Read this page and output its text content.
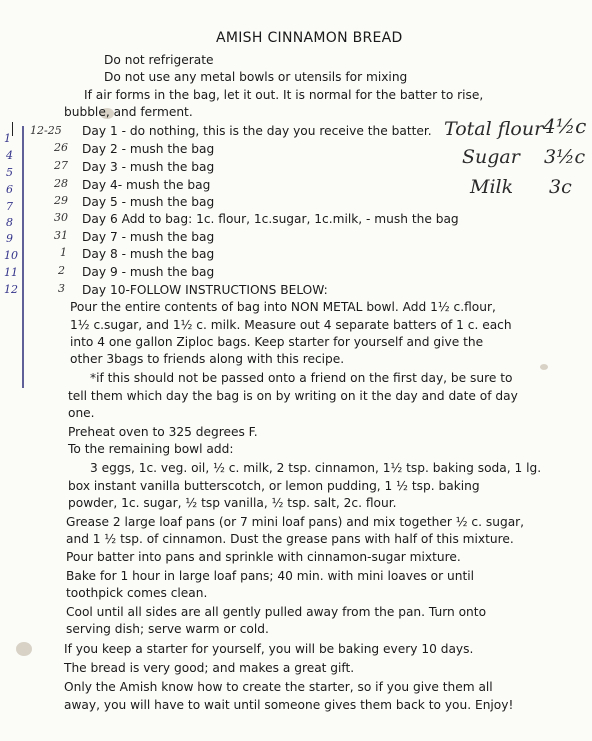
AMISH CINNAMON BREAD
Do not refrigerate
Do not use any metal bowls or utensils for mixing
If air forms in the bag, let it out. It is normal for the batter to rise,
bubble, and ferment.
Day 1 - do nothing, this is the day you receive the batter.
Day 2 - mush the bag
Day 3 - mush the bag
Day 4- mush the bag
Day 5 - mush the bag
Day 6 Add to bag: 1c. flour, 1c.sugar, 1c.milk, - mush the bag
Day 7 - mush the bag
Day 8 - mush the bag
Day 9 - mush the bag
Day 10-FOLLOW INSTRUCTIONS BELOW:
Pour the entire contents of bag into NON METAL bowl. Add 1½ c.flour,
1½ c.sugar, and 1½ c. milk. Measure out 4 separate batters of 1 c. each
into 4 one gallon Ziploc bags. Keep starter for yourself and give the
other 3bags to friends along with this recipe.
*if this should not be passed onto a friend on the first day, be sure to
tell them which day the bag is on by writing on it the day and date of day
one.
Preheat oven to 325 degrees F.
To the remaining bowl add:
3 eggs, 1c. veg. oil, ½ c. milk, 2 tsp. cinnamon, 1½ tsp. baking soda, 1 lg.
box instant vanilla butterscotch, or lemon pudding, 1 ½ tsp. baking
powder, 1c. sugar, ½ tsp vanilla, ½ tsp. salt, 2c. flour.
Grease 2 large loaf pans (or 7 mini loaf pans) and mix together ½ c. sugar,
and 1 ½ tsp. of cinnamon. Dust the grease pans with half of this mixture.
Pour batter into pans and sprinkle with cinnamon-sugar mixture.
Bake for 1 hour in large loaf pans; 40 min. with mini loaves or until
toothpick comes clean.
Cool until all sides are all gently pulled away from the pan. Turn onto
serving dish; serve warm or cold.
If you keep a starter for yourself, you will be baking every 10 days.
The bread is very good; and makes a great gift.
Only the Amish know how to create the starter, so if you give them all
away, you will have to wait until someone gives them back to you. Enjoy!
Total flour 4½c
Sugar 3½c
Milk 3c
12-25
26
27
28
29
30
31
1
2
3
1
4
5
6
7
8
9
10
11
12
